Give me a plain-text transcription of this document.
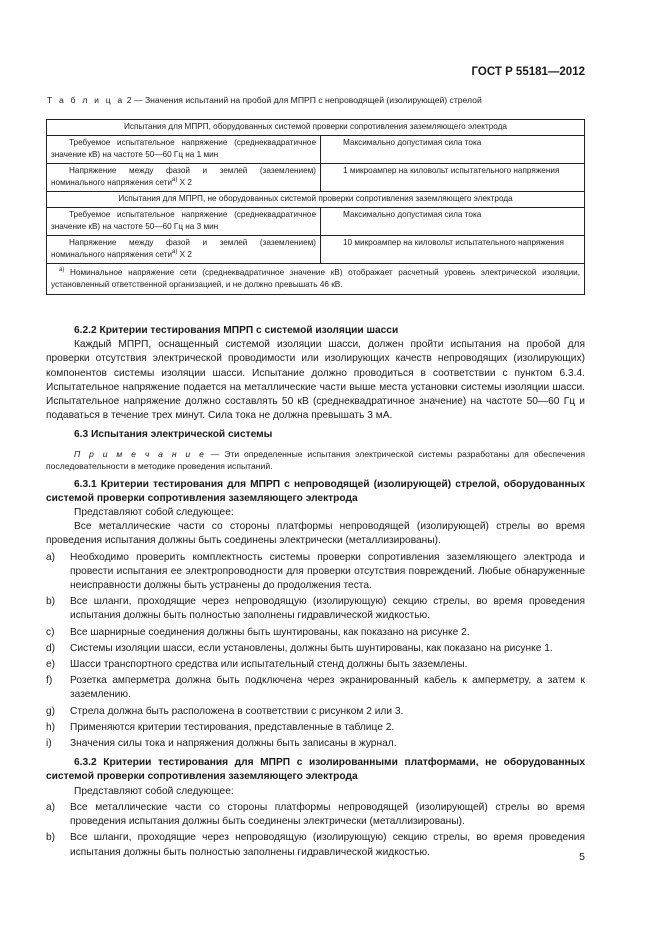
ГОСТ Р 55181—2012
Т а б л и ц а 2 — Значения испытаний на пробой для МПРП с непроводящей (изолирующей) стрелой
Испытания для МПРП, оборудованных системой проверки сопротивления заземляющего электрода	
Требуемое испытательное напряжение (среднеквадратичное значение кВ) на частоте 50—60 Гц на 1 мин	Максимально допустимая сила тока
Напряжение между фазой и землей (заземлением) номинального напряжения сети$^{а)}$ Х 2	1 микроампер на киловольт испытательного напряжения
Испытания для МПРП, не оборудованных системой проверки сопротивления заземляющего электрода	
Требуемое испытательное напряжение (среднеквадратичное значение кВ) на частоте 50—60 Гц на 3 мин	Максимально допустимая сила тока
Напряжение между фазой и землей (заземлением) номинального напряжения сети$^{а)}$ Х 2	10 микроампер на киловольт испытательного напряжения
$^{а)}$ Номинальное напряжение сети (среднеквадратичное значение кВ) отображает расчетный уровень электрической изоляции, установленный ответственной организацией, и не должно превышать 46 кВ.	

6.2.2 Критерии тестирования МПРП с системой изоляции шасси

Каждый МПРП, оснащенный системой изоляции шасси, должен пройти испытания на пробой для проверки отсутствия электрической проводимости или изолирующих качеств непроводящих (изолирующих) компонентов системы изоляции шасси. Испытание должно проводиться в соответствии с пунктом 6.3.4. Испытательное напряжение подается на металлические части выше места установки системы изоляции шасси. Испытательное напряжение должно составлять 50 кВ (среднеквадратичное значение) на частоте 50—60 Гц и подаваться в течение трех минут. Сила тока не должна превышать 3 мА.

6.3 Испытания электрической системы

П р и м е ч а н и е — Эти определенные испытания электрической системы разработаны для обеспечения последовательности в методике проведения испытаний.

6.3.1 Критерии тестирования для МПРП с непроводящей (изолирующей) стрелой, оборудованных системой проверки сопротивления заземляющего электрода

Представляют собой следующее:

Все металлические части со стороны платформы непроводящей (изолирующей) стрелы во время проведения испытания должны быть соединены электрически (металлизированы).

a)	Необходимо проверить комплектность системы проверки сопротивления заземляющего электрода и провести испытания ее электропроводности для проверки отсутствия повреждений. Любые обнаруженные неисправности должны быть устранены до продолжения теста.
b)	Все шланги, проходящие через непроводящую (изолирующую) секцию стрелы, во время проведения испытания должны быть полностью заполнены гидравлической жидкостью.
c)	Все шарнирные соединения должны быть шунтированы, как показано на рисунке 2.
d)	Системы изоляции шасси, если установлены, должны быть шунтированы, как показано на рисунке 1.
e)	Шасси транспортного средства или испытательный стенд должны быть заземлены.
f)	Розетка амперметра должна быть подключена через экранированный кабель к амперметру, а затем к заземлению.
g)	Стрела должна быть расположена в соответствии с рисунком 2 или 3.
h)	Применяются критерии тестирования, представленные в таблице 2.
i)	Значения силы тока и напряжения должны быть записаны в журнал.

6.3.2 Критерии тестирования для МПРП с изолированными платформами, не оборудованных системой проверки сопротивления заземляющего электрода

Представляют собой следующее:

a)	Все металлические части со стороны платформы непроводящей (изолирующей) стрелы во время проведения испытания должны быть соединены электрически (металлизированы).
b)	Все шланги, проходящие через непроводящую (изолирующую) секцию стрелы, во время проведения испытания должны быть полностью заполнены гидравлической жидкостью.	5
